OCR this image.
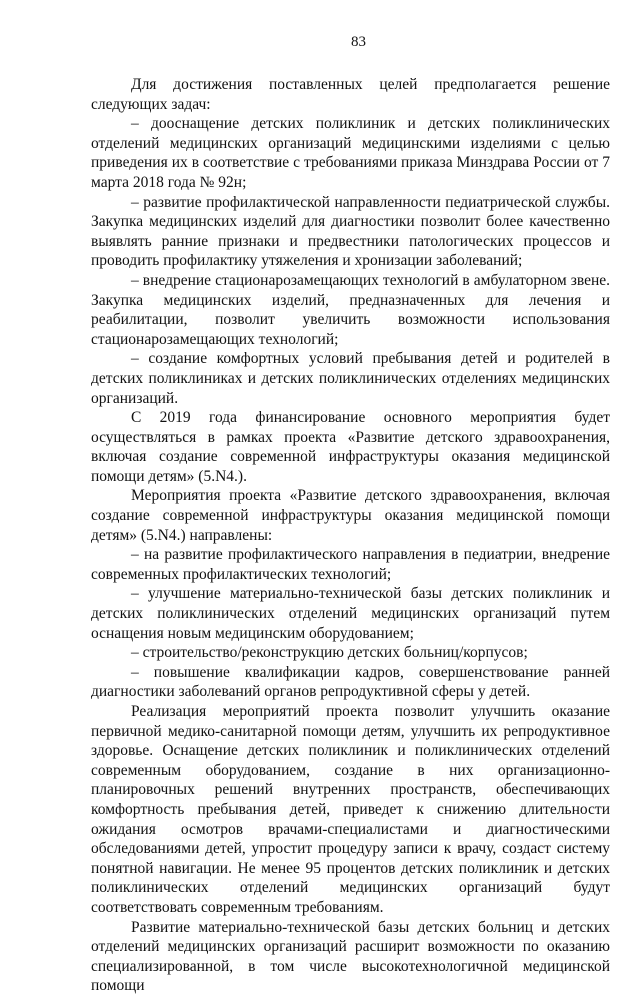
83

Для достижения поставленных целей предполагается решение следующих задач:

– дооснащение детских поликлиник и детских поликлинических отделений медицинских организаций медицинскими изделиями с целью приведения их в соответствие с требованиями приказа Минздрава России от 7 марта 2018 года № 92н;

– развитие профилактической направленности педиатрической службы. Закупка медицинских изделий для диагностики позволит более качественно выявлять ранние признаки и предвестники патологических процессов и проводить профилактику утяжеления и хронизации заболеваний;

– внедрение стационарозамещающих технологий в амбулаторном звене. Закупка медицинских изделий, предназначенных для лечения и реабилитации, позволит увеличить возможности использования стационарозамещающих технологий;

– создание комфортных условий пребывания детей и родителей в детских поликлиниках и детских поликлинических отделениях медицинских организаций.

С 2019 года финансирование основного мероприятия будет осуществляться в рамках проекта «Развитие детского здравоохранения, включая создание современной инфраструктуры оказания медицинской помощи детям» (5.N4.).

Мероприятия проекта «Развитие детского здравоохранения, включая создание современной инфраструктуры оказания медицинской помощи детям» (5.N4.) направлены:

– на развитие профилактического направления в педиатрии, внедрение современных профилактических технологий;

– улучшение материально-технической базы детских поликлиник и детских поликлинических отделений медицинских организаций путем оснащения новым медицинским оборудованием;

– строительство/реконструкцию детских больниц/корпусов;

– повышение квалификации кадров, совершенствование ранней диагностики заболеваний органов репродуктивной сферы у детей.

Реализация мероприятий проекта позволит улучшить оказание первичной медико-санитарной помощи детям, улучшить их репродуктивное здоровье. Оснащение детских поликлиник и поликлинических отделений современным оборудованием, создание в них организационно-планировочных решений внутренних пространств, обеспечивающих комфортность пребывания детей, приведет к снижению длительности ожидания осмотров врачами-специалистами и диагностическими обследованиями детей, упростит процедуру записи к врачу, создаст систему понятной навигации. Не менее 95 процентов детских поликлиник и детских поликлинических отделений медицинских организаций будут соответствовать современным требованиям.

Развитие материально-технической базы детских больниц и детских отделений медицинских организаций расширит возможности по оказанию специализированной, в том числе высокотехнологичной медицинской помощи
